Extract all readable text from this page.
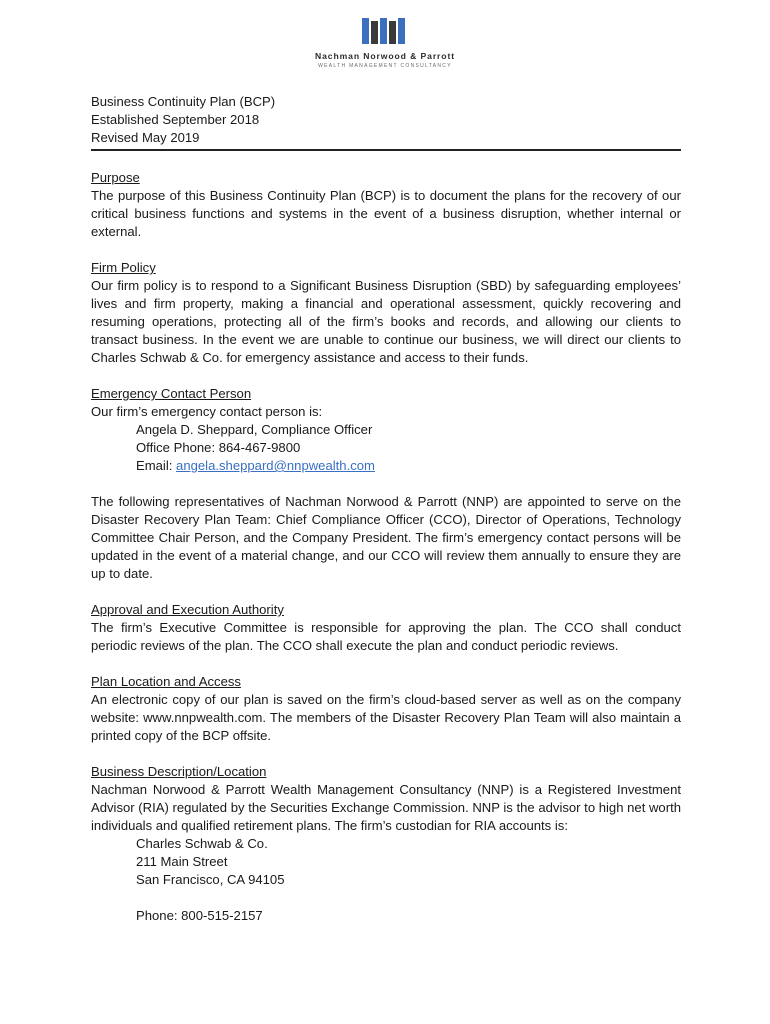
Nachman Norwood & Parrott
WEALTH MANAGEMENT CONSULTANCY
Business Continuity Plan (BCP)
Established September 2018
Revised May 2019
Purpose
The purpose of this Business Continuity Plan (BCP) is to document the plans for the recovery of our critical business functions and systems in the event of a business disruption, whether internal or external.
Firm Policy
Our firm policy is to respond to a Significant Business Disruption (SBD) by safeguarding employees’ lives and firm property, making a financial and operational assessment, quickly recovering and resuming operations, protecting all of the firm’s books and records, and allowing our clients to transact business. In the event we are unable to continue our business, we will direct our clients to Charles Schwab & Co. for emergency assistance and access to their funds.
Emergency Contact Person
Our firm’s emergency contact person is:
Angela D. Sheppard, Compliance Officer
Office Phone: 864-467-9800
Email: angela.sheppard@nnpwealth.com
The following representatives of Nachman Norwood & Parrott (NNP) are appointed to serve on the Disaster Recovery Plan Team: Chief Compliance Officer (CCO), Director of Operations, Technology Committee Chair Person, and the Company President. The firm’s emergency contact persons will be updated in the event of a material change, and our CCO will review them annually to ensure they are up to date.
Approval and Execution Authority
The firm’s Executive Committee is responsible for approving the plan. The CCO shall conduct periodic reviews of the plan. The CCO shall execute the plan and conduct periodic reviews.
Plan Location and Access
An electronic copy of our plan is saved on the firm’s cloud-based server as well as on the company website: www.nnpwealth.com. The members of the Disaster Recovery Plan Team will also maintain a printed copy of the BCP offsite.
Business Description/Location
Nachman Norwood & Parrott Wealth Management Consultancy (NNP) is a Registered Investment Advisor (RIA) regulated by the Securities Exchange Commission. NNP is the advisor to high net worth individuals and qualified retirement plans. The firm’s custodian for RIA accounts is:
Charles Schwab & Co.
211 Main Street
San Francisco, CA 94105
Phone: 800-515-2157
